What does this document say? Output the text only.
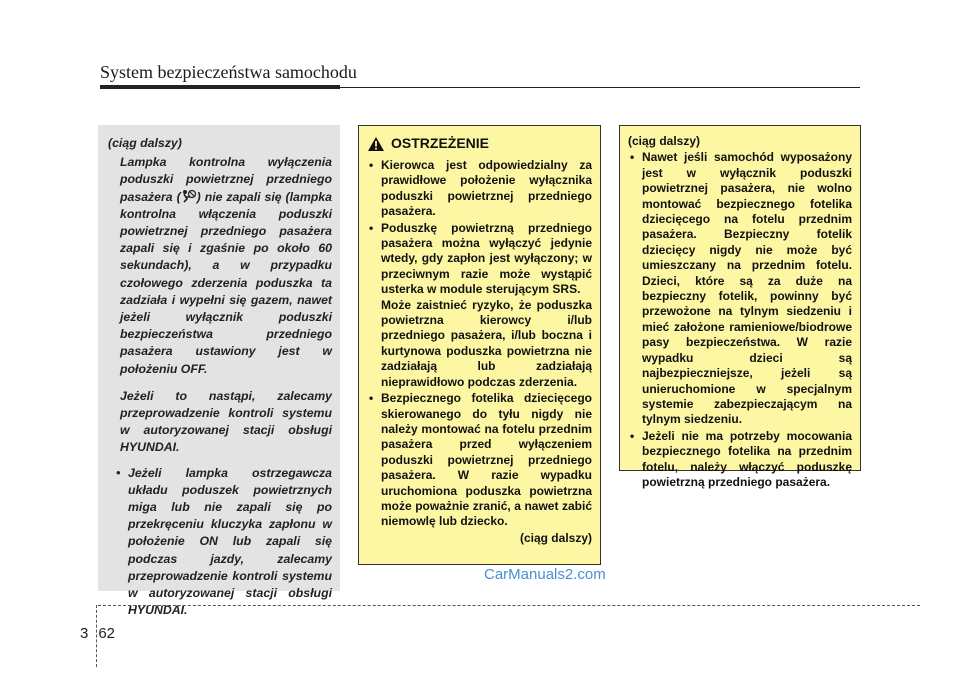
System bezpieczeństwa samochodu

(ciąg dalszy)

Lampka kontrolna wyłączenia poduszki powietrznej przedniego pasażera ( ) nie zapali się (lampka kontrolna włączenia poduszki powietrznej przedniego pasażera zapali się i zgaśnie po około 60 sekundach), a w przypadku czołowego zderzenia poduszka ta zadziała i wypełni się gazem, nawet jeżeli wyłącznik poduszki bezpieczeństwa przedniego pasażera ustawiony jest w położeniu OFF.

Jeżeli to nastąpi, zalecamy przeprowadzenie kontroli systemu w autoryzowanej stacji obsługi HYUNDAI.

• Jeżeli lampka ostrzegawcza układu poduszek powietrznych miga lub nie zapali się po przekręceniu kluczyka zapłonu w położenie ON lub zapali się podczas jazdy, zalecamy przeprowadzenie kontroli systemu w autoryzowanej stacji obsługi HYUNDAI.

OSTRZEŻENIE
• Kierowca jest odpowiedzialny za prawidłowe położenie wyłącznika poduszki powietrznej przedniego pasażera.
• Poduszkę powietrzną przedniego pasażera można wyłączyć jedynie wtedy, gdy zapłon jest wyłączony; w przeciwnym razie może wystąpić usterka w module sterującym SRS.
Może zaistnieć ryzyko, że poduszka powietrzna kierowcy i/lub przedniego pasażera, i/lub boczna i kurtynowa poduszka powietrzna nie zadziałają lub zadziałają nieprawidłowo podczas zderzenia.
• Bezpiecznego fotelika dziecięcego skierowanego do tyłu nigdy nie należy montować na fotelu przednim pasażera przed wyłączeniem poduszki powietrznej przedniego pasażera. W razie wypadku uruchomiona poduszka powietrzna może poważnie zranić, a nawet zabić niemowlę lub dziecko.
(ciąg dalszy)

(ciąg dalszy)

• Nawet jeśli samochód wyposażony jest w wyłącznik poduszki powietrznej pasażera, nie wolno montować bezpiecznego fotelika dziecięcego na fotelu przednim pasażera. Bezpieczny fotelik dziecięcy nigdy nie może być umieszczany na przednim fotelu. Dzieci, które są za duże na bezpieczny fotelik, powinny być przewożone na tylnym siedzeniu i mieć założone ramieniowe/biodrowe pasy bezpieczeństwa. W razie wypadku dzieci są najbezpieczniejsze, jeżeli są unieruchomione w specjalnym systemie zabezpieczającym na tylnym siedzeniu.
• Jeżeli nie ma potrzeby mocowania bezpiecznego fotelika na przednim fotelu, należy włączyć poduszkę powietrzną przedniego pasażera.
CarManuals2.com
3 62
